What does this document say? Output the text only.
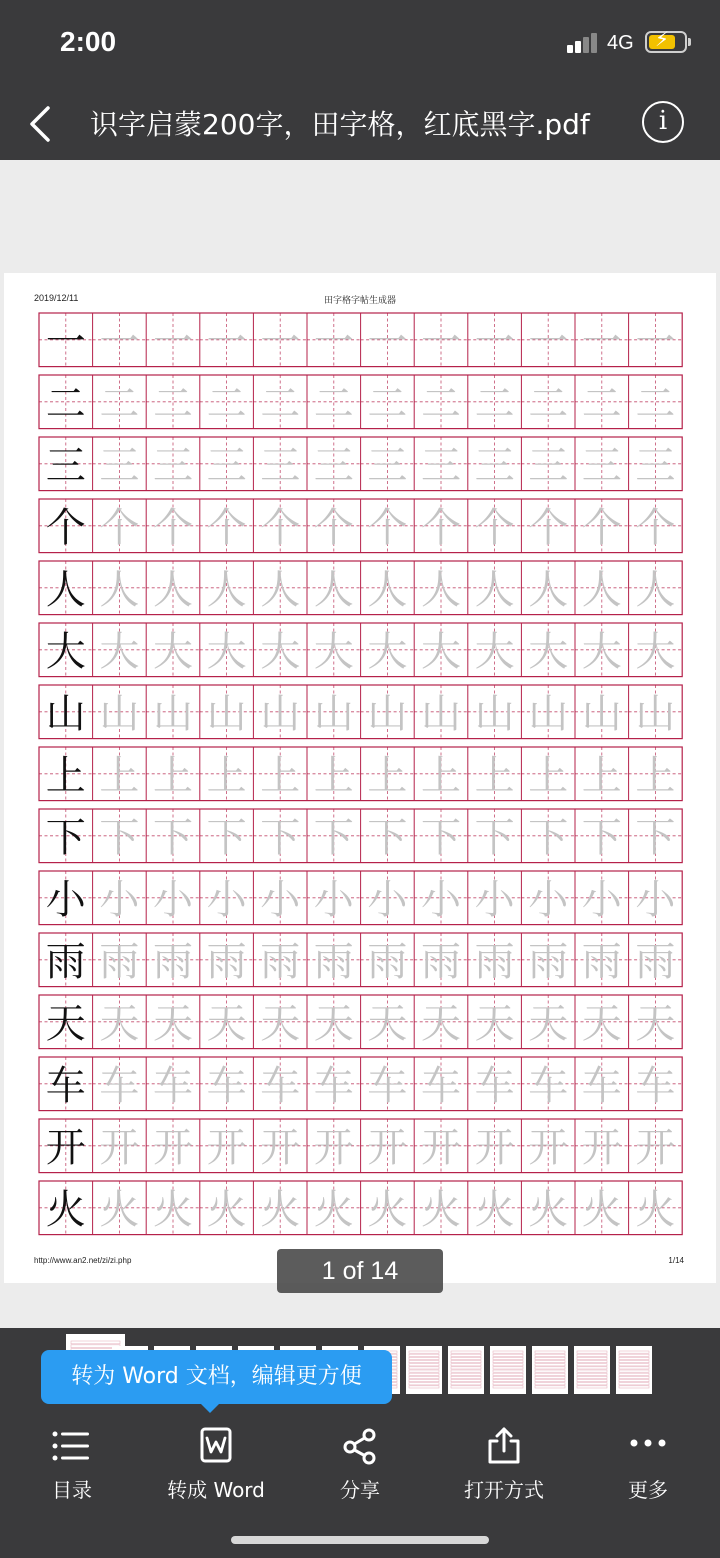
2:00	4G ⚡
识字启蒙200字，田字格，红底黑字.pdf	i
2019/12/11	田字格字帖生成器
一 一 一 一 一 一 一 一 一 一 一 一
二 二 二 二 二 二 二 二 二 二 二 二
三 三 三 三 三 三 三 三 三 三 三 三
个 个 个 个 个 个 个 个 个 个 个 个
人 人 人 人 人 人 人 人 人 人 人 人
大 大 大 大 大 大 大 大 大 大 大 大
山 山 山 山 山 山 山 山 山 山 山 山
上 上 上 上 上 上 上 上 上 上 上 上
下 下 下 下 下 下 下 下 下 下 下 下
小 小 小 小 小 小 小 小 小 小 小 小
雨 雨 雨 雨 雨 雨 雨 雨 雨 雨 雨 雨
天 天 天 天 天 天 天 天 天 天 天 天
车 车 车 车 车 车 车 车 车 车 车 车
开 开 开 开 开 开 开 开 开 开 开 开
火 火 火 火 火 火 火 火 火 火 火 火
http://www.an2.net/zi/zi.php	1/14
1 of 14
转为 Word 文档，编辑更方便
目录	转成 Word	分享	打开方式	更多
